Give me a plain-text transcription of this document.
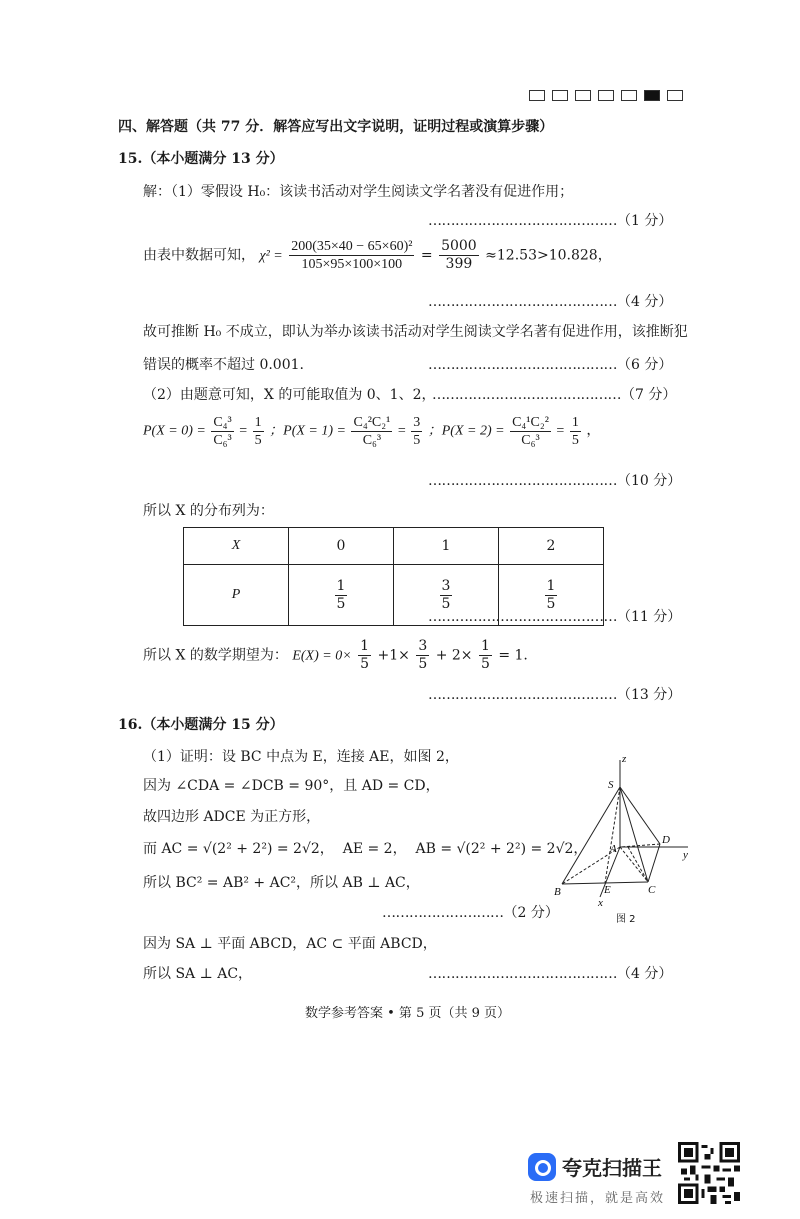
四、解答题（共 77 分．解答应写出文字说明，证明过程或演算步骤）
15.（本小题满分 13 分）
解：（1）零假设 H₀：该读书活动对学生阅读文学名著没有促进作用；
……………………………………（1 分）
由表中数据可知， $\chi^2 = \frac{\text{200(35×40 − 65×60)²}}{105\times 95\times 100\times 100} = \frac{5000}{399} \approx 12.53>10.828$，
……………………………………（4 分）
故可推断 H₀ 不成立，即认为举办该读书活动对学生阅读文学名著有促进作用，该推断犯
错误的概率不超过 0.001.	……………………………………（6 分）
（2）由题意可知，X 的可能取值为 0、1、2，
……………………………………（7 分）
$P(X = 0) = \frac{\text{C₄³}}{\text{C₆³}} = \frac{1}{5}$ ；$P(X = 1) = \frac{\text{C₄²C₂¹}}{\text{C₆³}} = \frac{3}{5}$ ；$P(X = 2) = \frac{\text{C₄¹C₂²}}{\text{C₆³}} = \frac{1}{5}$ ，
……………………………………（10 分）
所以 X 的分布列为：
X	0	1	2
P	$\frac{1}{5}$	$\frac{3}{5}$	$\frac{1}{5}$
……………………………………（11 分）
所以 X 的数学期望为： $E(X) = 0\times \frac{1}{5} +1\times \frac{3}{5} + 2\times \frac{1}{5} = 1$.
……………………………………（13 分）
16.（本小题满分 15 分）
（1）证明：设 BC 中点为 E，连接 AE，如图 2，
因为 ∠CDA = ∠DCB = 90°，且 AD = CD，
故四边形 ADCE 为正方形，
而 AC = √(2² + 2²) = 2√2， AE = 2， AB = √(2² + 2²) = 2√2，
所以 BC² = AB² + AC²，所以 AB ⊥ AC，
………………………（2 分）
因为 SA ⊥ 平面 ABCD，AC ⊂ 平面 ABCD，
所以 SA ⊥ AC，	……………………………………（4 分）
z
S
A
D
y
B	E	C
x
图 2
数学参考答案 • 第 5 页（共 9 页）
夸克扫描王
极速扫描，就是高效
